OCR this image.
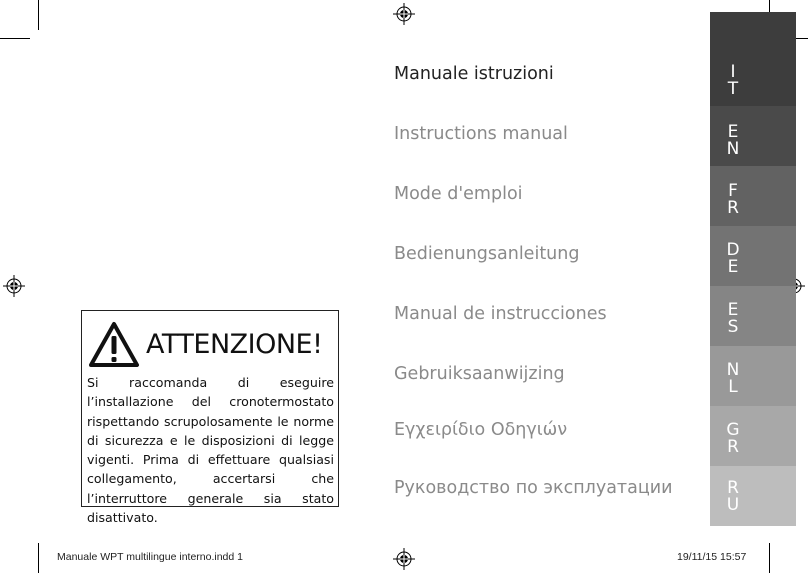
Manuale istruzioni
Instructions manual
Mode d'emploi
Bedienungsanleitung
Manual de instrucciones
Gebruiksaanwijzing
Εγχειρίδιο Οδηγιών
Руководство по эксплуатации
I
T
E
N
F
R
D
E
E
S
N
L
G
R
R
U
ATTENZIONE!
Si raccomanda di eseguire l’installazione del cronotermostato rispettando scrupolosamente le norme di sicurezza e le disposizioni di legge vigenti. Prima di effettuare qualsiasi collegamento, accertarsi che l’interruttore generale sia stato disattivato.
Manuale WPT multilingue interno.indd 1	19/11/15 15:57
